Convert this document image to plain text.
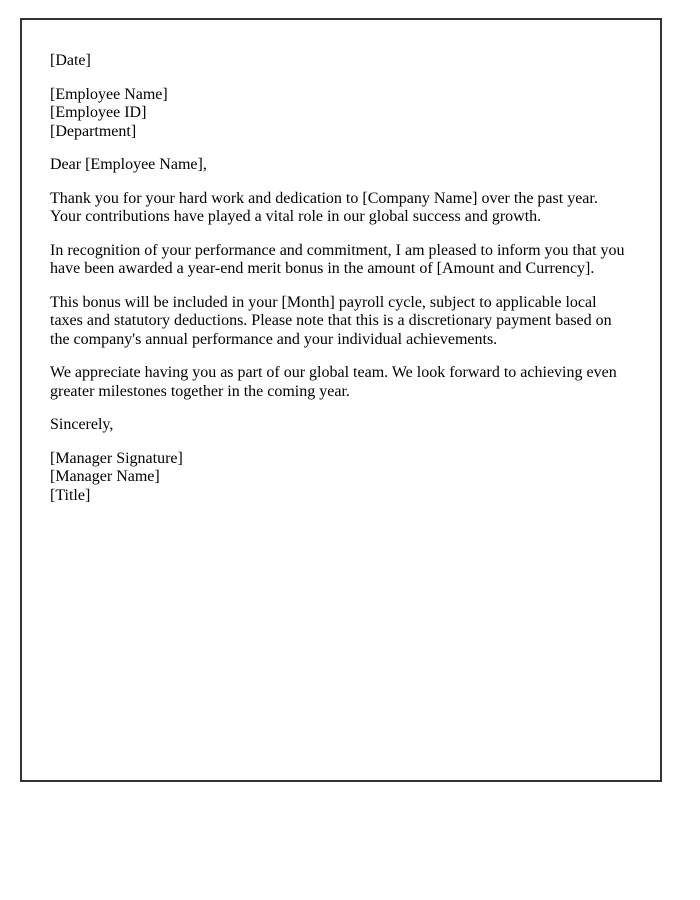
[Date]

[Employee Name]
[Employee ID]
[Department]

Dear [Employee Name],

Thank you for your hard work and dedication to [Company Name] over the past year. Your contributions have played a vital role in our global success and growth.

In recognition of your performance and commitment, I am pleased to inform you that you have been awarded a year-end merit bonus in the amount of [Amount and Currency].

This bonus will be included in your [Month] payroll cycle, subject to applicable local taxes and statutory deductions. Please note that this is a discretionary payment based on the company's annual performance and your individual achievements.

We appreciate having you as part of our global team. We look forward to achieving even greater milestones together in the coming year.

Sincerely,

[Manager Signature]
[Manager Name]
[Title]
